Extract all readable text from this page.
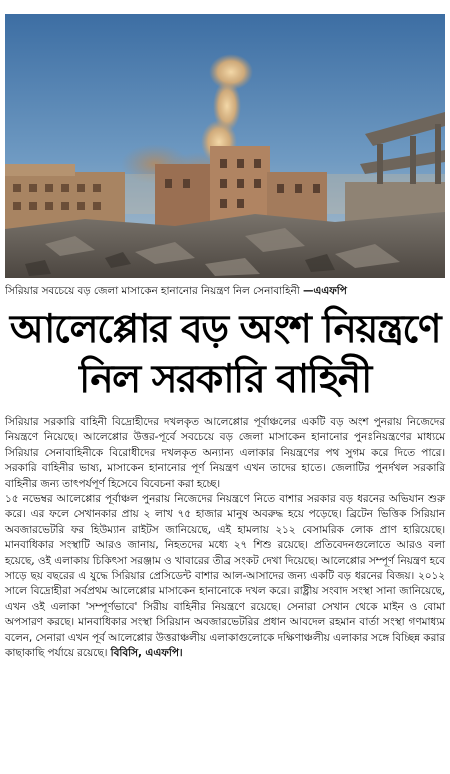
সিরিয়ার সবচেয়ে বড় জেলা মাসাকেন হানানোর নিয়ন্ত্রণ নিল সেনাবাহিনী —এএফপি
আলেপ্পোর বড় অংশ নিয়ন্ত্রণে
নিল সরকারি বাহিনী

সিরিয়ার সরকারি বাহিনী বিদ্রোহীদের দখলকৃত আলেপ্পোর পূর্বাঞ্চলের একটি বড় অংশ পুনরায় নিজেদের নিয়ন্ত্রণে নিয়েছে। আলেপ্পোর উত্তর-পূর্বে সবচেয়ে বড় জেলা মাসাকেন হানানোর পুনঃনিয়ন্ত্রণের মাধ্যমে সিরিয়ার সেনাবাহিনীকে বিরোধীদের দখলকৃত অন্যান্য এলাকার নিয়ন্ত্রণের পথ সুগম করে দিতে পারে। সরকারি বাহিনীর ভাষ্য, মাসাকেন হানানোর পূর্ণ নিয়ন্ত্রণ এখন তাদের হাতে। জেলাটির পুনর্দখল সরকারি বাহিনীর জন্য তাৎপর্যপূর্ণ হিসেবে বিবেচনা করা হচ্ছে।

১৫ নভেম্বর আলেপ্পোর পূর্বাঞ্চল পুনরায় নিজেদের নিয়ন্ত্রণে নিতে বাশার সরকার বড় ধরনের অভিযান শুরু করে। এর ফলে সেখানকার প্রায় ২ লাখ ৭৫ হাজার মানুষ অবরুদ্ধ হয়ে পড়েছে। ব্রিটেন ভিত্তিক সিরিয়ান অবজারভেটরি ফর হিউম্যান রাইটস জানিয়েছে, এই হামলায় ২১২ বেসামরিক লোক প্রাণ হারিয়েছে। মানবাধিকার সংস্থাটি আরও জানায়, নিহতদের মধ্যে ২৭ শিশু রয়েছে। প্রতিবেদনগুলোতে আরও বলা হয়েছে, ওই এলাকায় চিকিৎসা সরঞ্জাম ও খাবারের তীব্র সংকট দেখা দিয়েছে। আলেপ্পোর সম্পূর্ণ নিয়ন্ত্রণ হবে সাড়ে ছয় বছরের এ যুদ্ধে সিরিয়ার প্রেসিডেন্ট বাশার আল-আসাদের জন্য একটি বড় ধরনের বিজয়। ২০১২ সালে বিদ্রোহীরা সর্বপ্রথম আলেপ্পোর মাসাকেন হানানোকে দখল করে। রাষ্ট্রীয় সংবাদ সংস্থা সানা জানিয়েছে, এখন ওই এলাকা 'সম্পূর্ণভাবে' সিরীয় বাহিনীর নিয়ন্ত্রণে রয়েছে। সেনারা সেখান থেকে মাইন ও বোমা অপসারণ করছে। মানবাধিকার সংস্থা সিরিয়ান অবজারভেটরির প্রধান আবদেল রহমান বার্তা সংস্থা গণমাধ্যম বলেন, সেনারা এখন পূর্ব আলেপ্পোর উত্তরাঞ্চলীয় এলাকাগুলোকে দক্ষিণাঞ্চলীয় এলাকার সঙ্গে বিচ্ছিন্ন করার কাছাকাছি পর্যায়ে রয়েছে। বিবিসি, এএফপি।
